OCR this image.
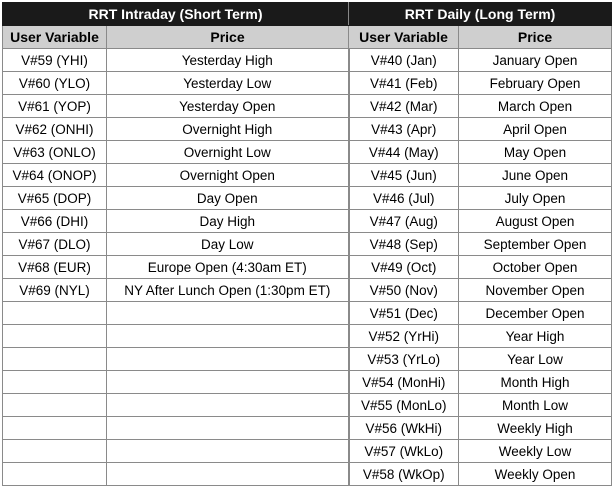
RRT Intraday (Short Term)		RRT Daily (Long Term)	
User Variable	Price	User Variable	Price
V#59 (YHI)	Yesterday High	V#40 (Jan)	January Open
V#60 (YLO)	Yesterday Low	V#41 (Feb)	February Open
V#61 (YOP)	Yesterday Open	V#42 (Mar)	March Open
V#62 (ONHI)	Overnight High	V#43 (Apr)	April Open
V#63 (ONLO)	Overnight Low	V#44 (May)	May Open
V#64 (ONOP)	Overnight Open	V#45 (Jun)	June Open
V#65 (DOP)	Day Open	V#46 (Jul)	July Open
V#66 (DHI)	Day High	V#47 (Aug)	August Open
V#67 (DLO)	Day Low	V#48 (Sep)	September Open
V#68 (EUR)	Europe Open (4:30am ET)	V#49 (Oct)	October Open
V#69 (NYL)	NY After Lunch Open (1:30pm ET)	V#50 (Nov)	November Open
		V#51 (Dec)	December Open
		V#52 (YrHi)	Year High
		V#53 (YrLo)	Year Low
		V#54 (MonHi)	Month High
		V#55 (MonLo)	Month Low
		V#56 (WkHi)	Weekly High
		V#57 (WkLo)	Weekly Low
		V#58 (WkOp)	Weekly Open
